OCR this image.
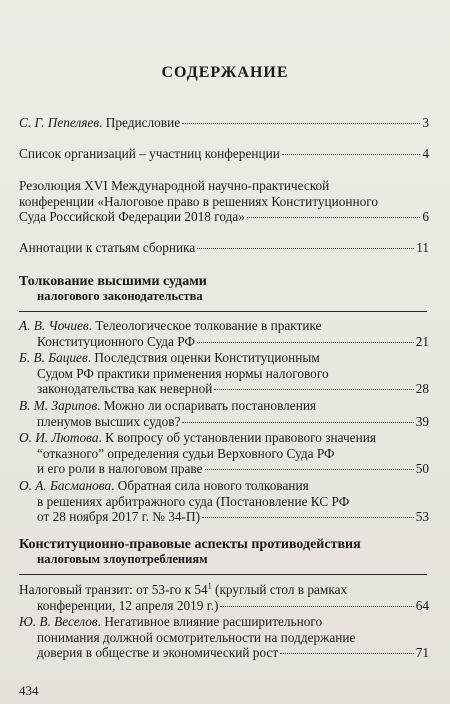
СОДЕРЖАНИЕ
С. Г. Пепеляев. Предисловие	3
Список организаций – участниц конференции	4
Резолюция XVI Международной научно-практической
конференции «Налоговое право в решениях Конституционного
Суда Российской Федерации 2018 года»	6
Аннотации к статьям сборника	11
Толкование высшими судами
налогового законодательства
А. В. Чочиев. Телеологическое толкование в практике
Конституционного Суда РФ	21
Б. В. Бациев. Последствия оценки Конституционным
Судом РФ практики применения нормы налогового
законодательства как неверной	28
В. М. Зарипов. Можно ли оспаривать постановления
пленумов высших судов?	39
О. И. Лютова. К вопросу об установлении правового значения
“отказного” определения судьи Верховного Суда РФ
и его роли в налоговом праве	50
О. А. Басманова. Обратная сила нового толкования
в решениях арбитражного суда (Постановление КС РФ
от 28 ноября 2017 г. № 34-П)	53
Конституционно-правовые аспекты противодействия
налоговым злоупотреблениям
Налоговый транзит: от 53-го к $54^1$ (круглый стол в рамках
конференции, 12 апреля 2019 г.)	64
Ю. В. Веселов. Негативное влияние расширительного
понимания должной осмотрительности на поддержание
доверия в обществе и экономический рост	71
434
